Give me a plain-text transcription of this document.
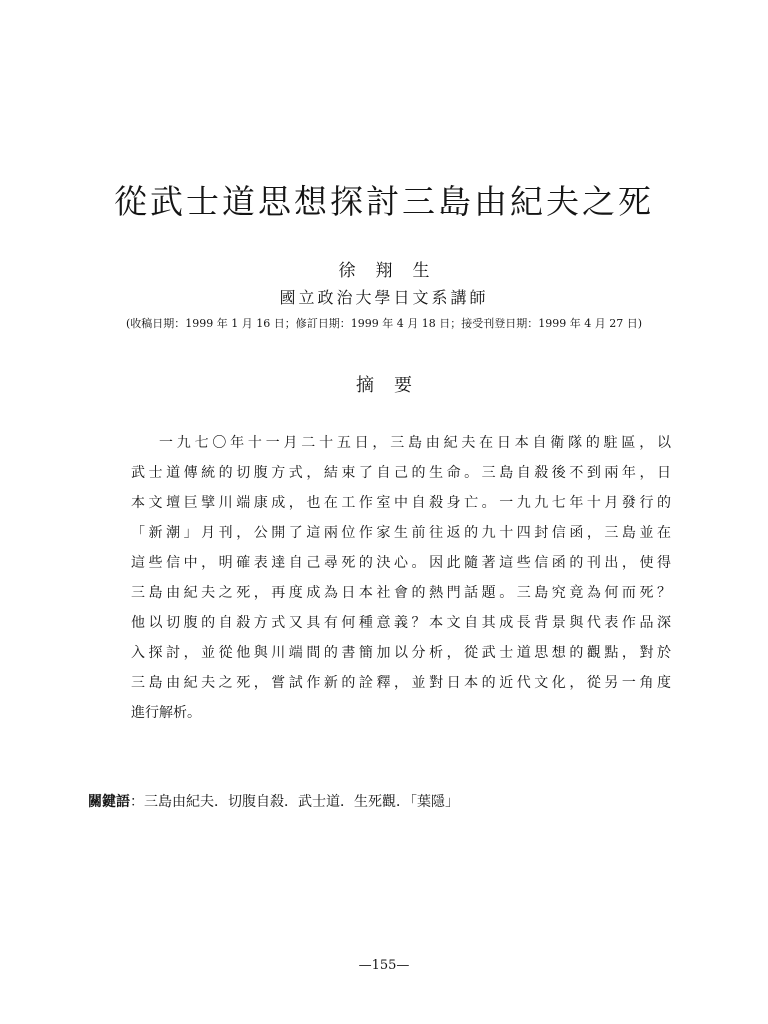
從武士道思想探討三島由紀夫之死
徐翔生
國立政治大學日文系講師
(收稿日期：1999 年 1 月 16 日；修訂日期：1999 年 4 月 18 日；接受刊登日期：1999 年 4 月 27 日)
摘要
一九七〇年十一月二十五日，三島由紀夫在日本自衛隊的駐區，以
武士道傳統的切腹方式，結束了自己的生命。三島自殺後不到兩年，日
本文壇巨擘川端康成，也在工作室中自殺身亡。一九九七年十月發行的
「新潮」月刊，公開了這兩位作家生前往返的九十四封信函，三島並在
這些信中，明確表達自己尋死的決心。因此隨著這些信函的刊出，使得
三島由紀夫之死，再度成為日本社會的熱門話題。三島究竟為何而死？
他以切腹的自殺方式又具有何種意義？本文自其成長背景與代表作品深
入探討，並從他與川端間的書簡加以分析，從武士道思想的觀點，對於
三島由紀夫之死，嘗試作新的詮釋，並對日本的近代文化，從另一角度
進行解析。
關鍵語：三島由紀夫．切腹自殺．武士道．生死觀．「葉隱」
—155—
